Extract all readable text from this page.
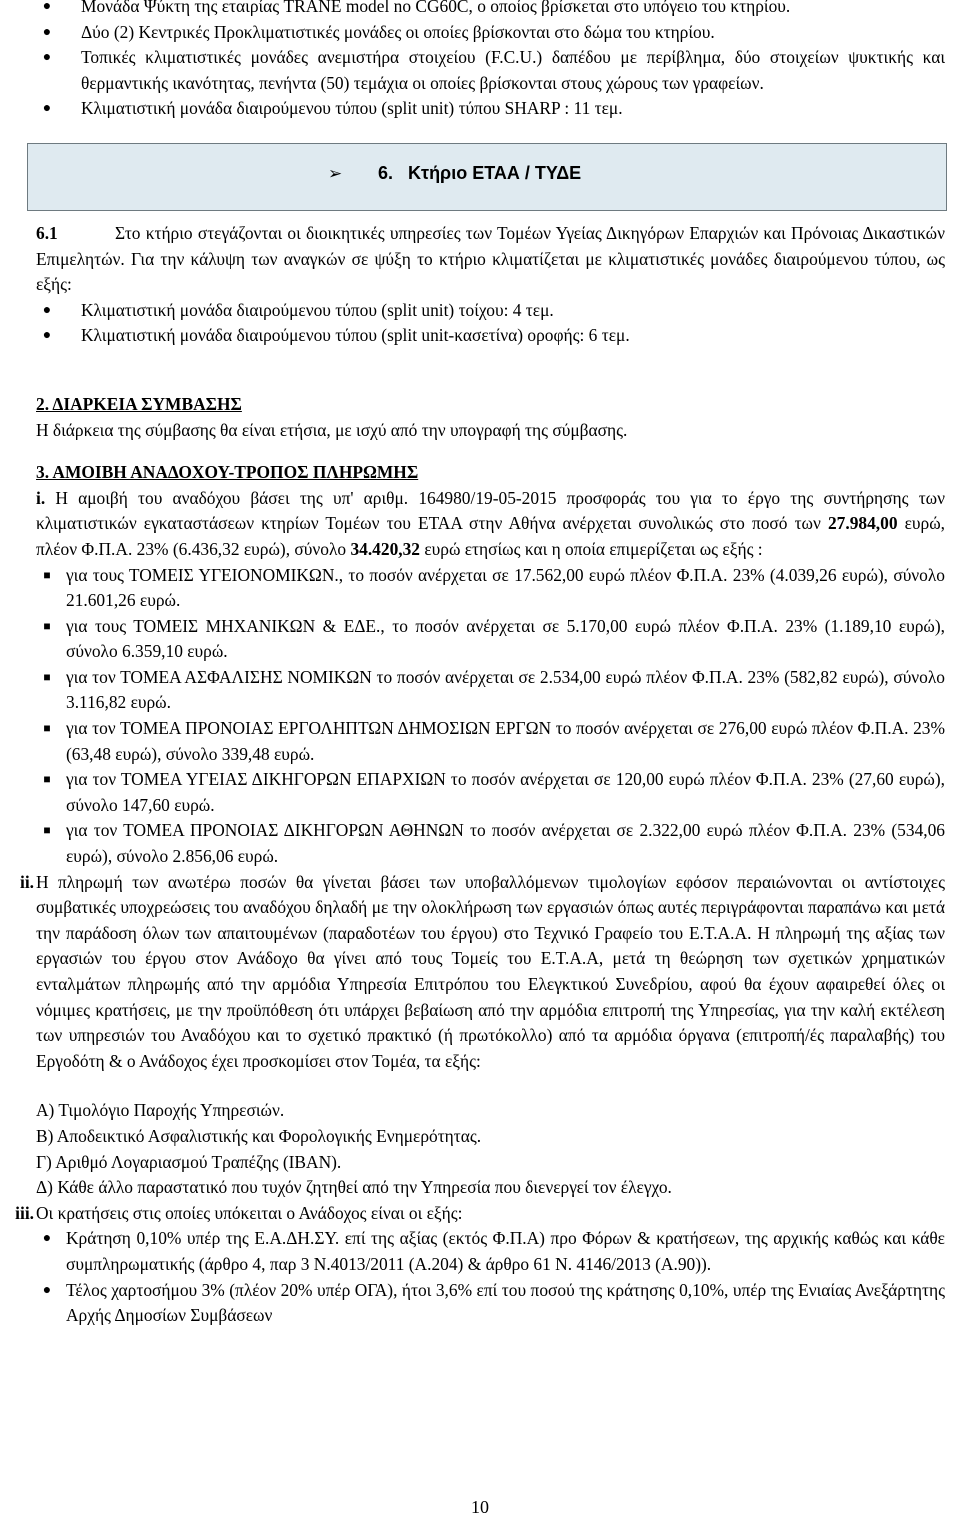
●	Μονάδα Ψύκτη της εταιρίας TRANE model no CG60C, ο οποίος βρίσκεται στο υπόγειο του κτηρίου.

●	Δύο (2) Κεντρικές Προκλιματιστικές μονάδες οι οποίες βρίσκονται στο δώμα του κτηρίου.

●	Τοπικές κλιματιστικές μονάδες ανεμιστήρα στοιχείου (F.C.U.) δαπέδου με περίβλημα, δύο στοιχείων ψυκτικής και θερμαντικής ικανότητας, πενήντα (50) τεμάχια οι οποίες βρίσκονται στους χώρους των γραφείων.

●	Κλιματιστική μονάδα διαιρούμενου τύπου (split unit) τύπου SHARP : 11 τεμ.

➢ 6. Κτήριο ΕΤΑΑ / ΤΥΔΕ

6.1	Στο κτήριο στεγάζονται οι διοικητικές υπηρεσίες των Τομέων Υγείας Δικηγόρων Επαρχιών και Πρόνοιας Δικαστικών Επιμελητών. Για την κάλυψη των αναγκών σε ψύξη το κτήριο κλιματίζεται με κλιματιστικές μονάδες διαιρούμενου τύπου, ως εξής:

●	Κλιματιστική μονάδα διαιρούμενου τύπου (split unit) τοίχου: 4 τεμ.

●	Κλιματιστική μονάδα διαιρούμενου τύπου (split unit-κασετίνα) οροφής: 6 τεμ.

2. ΔΙΑΡΚΕΙΑ ΣΥΜΒΑΣΗΣ

Η διάρκεια της σύμβασης θα είναι ετήσια, με ισχύ από την υπογραφή της σύμβασης.

3. ΑΜΟΙΒΗ ΑΝΑΔΟΧΟΥ-ΤΡΟΠΟΣ ΠΛΗΡΩΜΗΣ

i. Η αμοιβή του αναδόχου βάσει της υπ' αριθμ. 164980/19-05-2015 προσφοράς του για το έργο της συντήρησης των κλιματιστικών εγκαταστάσεων κτηρίων Τομέων του ΕΤΑΑ στην Αθήνα ανέρχεται συνολικώς στο ποσό των 27.984,00 ευρώ, πλέον Φ.Π.Α. 23% (6.436,32 ευρώ), σύνολο 34.420,32 ευρώ ετησίως και η οποία επιμερίζεται ως εξής :

■ για τους ΤΟΜΕΙΣ ΥΓΕΙΟΝΟΜΙΚΩΝ., το ποσόν ανέρχεται σε 17.562,00 ευρώ πλέον Φ.Π.Α. 23% (4.039,26 ευρώ), σύνολο 21.601,26 ευρώ.

■ για τους ΤΟΜΕΙΣ ΜΗΧΑΝΙΚΩΝ & ΕΔΕ., το ποσόν ανέρχεται σε 5.170,00 ευρώ πλέον Φ.Π.Α. 23% (1.189,10 ευρώ), σύνολο 6.359,10 ευρώ.

■ για τον ΤΟΜΕΑ ΑΣΦΑΛΙΣΗΣ ΝΟΜΙΚΩΝ το ποσόν ανέρχεται σε 2.534,00 ευρώ πλέον Φ.Π.Α. 23% (582,82 ευρώ), σύνολο 3.116,82 ευρώ.

■ για τον ΤΟΜΕΑ ΠΡΟΝΟΙΑΣ ΕΡΓΟΛΗΠΤΩΝ ΔΗΜΟΣΙΩΝ ΕΡΓΩΝ το ποσόν ανέρχεται σε 276,00 ευρώ πλέον Φ.Π.Α. 23% (63,48 ευρώ), σύνολο 339,48 ευρώ.

■ για τον ΤΟΜΕΑ ΥΓΕΙΑΣ ΔΙΚΗΓΟΡΩΝ ΕΠΑΡΧΙΩΝ το ποσόν ανέρχεται σε 120,00 ευρώ πλέον Φ.Π.Α. 23% (27,60 ευρώ), σύνολο 147,60 ευρώ.

■ για τον ΤΟΜΕΑ ΠΡΟΝΟΙΑΣ ΔΙΚΗΓΟΡΩΝ ΑΘΗΝΩΝ το ποσόν ανέρχεται σε 2.322,00 ευρώ πλέον Φ.Π.Α. 23% (534,06 ευρώ), σύνολο 2.856,06 ευρώ.

ii. Η πληρωμή των ανωτέρω ποσών θα γίνεται βάσει των υποβαλλόμενων τιμολογίων εφόσον περαιώνονται οι αντίστοιχες συμβατικές υποχρεώσεις του αναδόχου δηλαδή με την ολοκλήρωση των εργασιών όπως αυτές περιγράφονται παραπάνω και μετά την παράδοση όλων των απαιτουμένων (παραδοτέων του έργου) στο Τεχνικό Γραφείο του Ε.Τ.Α.Α. Η πληρωμή της αξίας των εργασιών του έργου στον Ανάδοχο θα γίνει από τους Τομείς του Ε.Τ.Α.Α, μετά τη θεώρηση των σχετικών χρηματικών ενταλμάτων πληρωμής από την αρμόδια Υπηρεσία Επιτρόπου του Ελεγκτικού Συνεδρίου, αφού θα έχουν αφαιρεθεί όλες οι νόμιμες κρατήσεις, με την προϋπόθεση ότι υπάρχει βεβαίωση από την αρμόδια επιτροπή της Υπηρεσίας, για την καλή εκτέλεση των υπηρεσιών του Αναδόχου και το σχετικό πρακτικό (ή πρωτόκολλο) από τα αρμόδια όργανα (επιτροπή/ές παραλαβής) του Εργοδότη & ο Ανάδοχος έχει προσκομίσει στον Τομέα, τα εξής:

Α) Τιμολόγιο Παροχής Υπηρεσιών.

Β) Αποδεικτικό Ασφαλιστικής και Φορολογικής Ενημερότητας.

Γ) Αριθμό Λογαριασμού Τραπέζης (IBAN).

Δ) Κάθε άλλο παραστατικό που τυχόν ζητηθεί από την Υπηρεσία που διενεργεί τον έλεγχο.

iii. Οι κρατήσεις στις οποίες υπόκειται ο Ανάδοχος είναι οι εξής:

● Κράτηση 0,10% υπέρ της Ε.Α.ΔΗ.ΣΥ. επί της αξίας (εκτός Φ.Π.Α) προ Φόρων & κρατήσεων, της αρχικής καθώς και κάθε συμπληρωματικής (άρθρο 4, παρ 3 Ν.4013/2011 (Α.204) & άρθρο 61 Ν. 4146/2013 (Α.90)).

● Τέλος χαρτοσήμου 3% (πλέον 20% υπέρ ΟΓΑ), ήτοι 3,6% επί του ποσού της κράτησης 0,10%, υπέρ της Ενιαίας Ανεξάρτητης Αρχής Δημοσίων Συμβάσεων

10
